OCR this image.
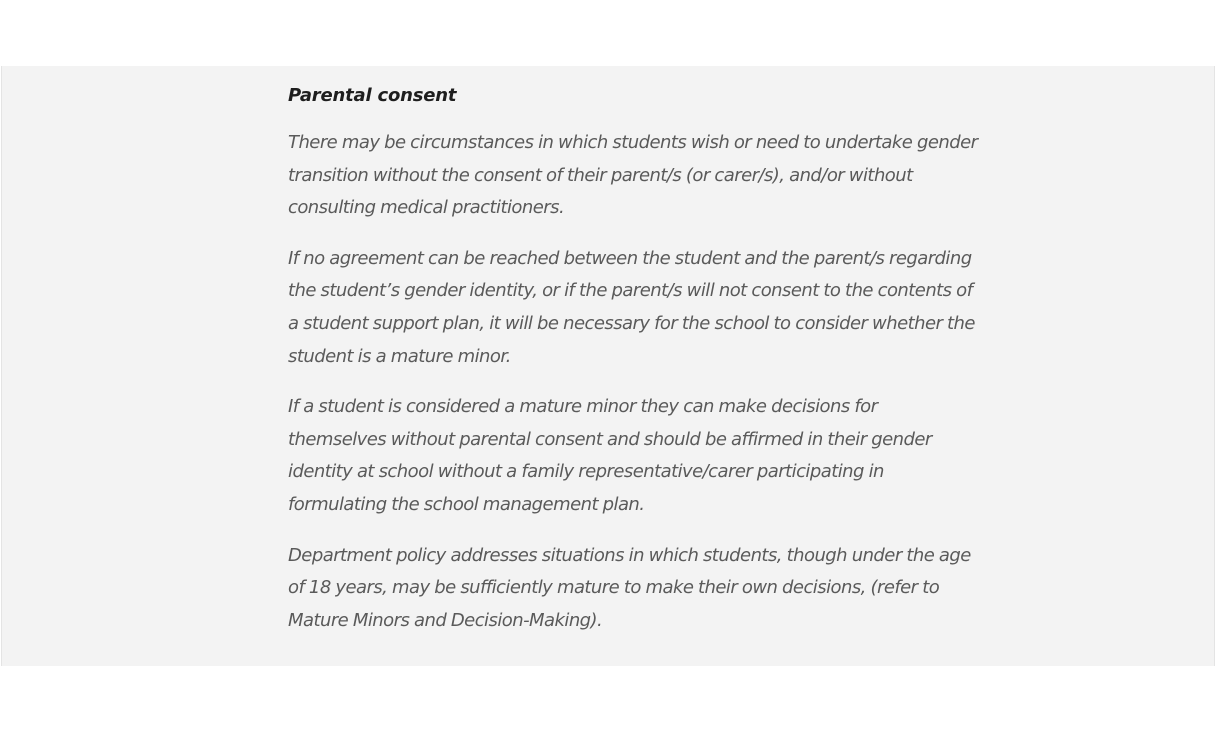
Parental consent

There may be circumstances in which students wish or need to undertake gender transition without the consent of their parent/s (or carer/s), and/or without consulting medical practitioners.

If no agreement can be reached between the student and the parent/s regarding the student’s gender identity, or if the parent/s will not consent to the contents of a student support plan, it will be necessary for the school to consider whether the student is a mature minor.

If a student is considered a mature minor they can make decisions for themselves without parental consent and should be affirmed in their gender identity at school without a family representative/carer participating in formulating the school management plan.

Department policy addresses situations in which students, though under the age of 18 years, may be sufficiently mature to make their own decisions, (refer to Mature Minors and Decision-Making).
